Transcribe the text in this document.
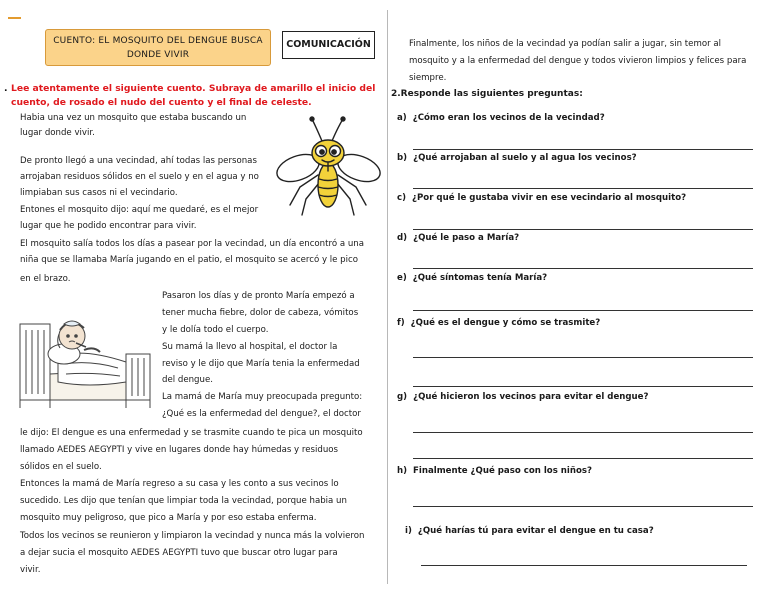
CUENTO: EL MOSQUITO DEL DENGUE BUSCA
DONDE VIVIR
COMUNICACIÓN
. Lee atentamente el siguiente cuento. Subraya de amarillo el inicio del
cuento, de rosado el nudo del cuento y el final de celeste.
Habia una vez un mosquito que estaba buscando un
lugar donde vivir.
De pronto llegó a una vecindad, ahí todas las personas
arrojaban residuos sólidos en el suelo y en el agua y no
limpiaban sus casos ni el vecindario.
Entones el mosquito dijo: aquí me quedaré, es el mejor
lugar que he podido encontrar para vivir.
El mosquito salía todos los días a pasear por la vecindad, un día encontró a una
niña que se llamaba María jugando en el patio, el mosquito se acercó y le pico
en el brazo.
Pasaron los días y de pronto María empezó a
tener mucha fiebre, dolor de cabeza, vómitos
y le dolía todo el cuerpo.
Su mamá la llevo al hospital, el doctor la
reviso y le dijo que María tenia la enfermedad
del dengue.
La mamá de María muy preocupada pregunto:
¿Qué es la enfermedad del dengue?, el doctor
le dijo: El dengue es una enfermedad y se trasmite cuando te pica un mosquito
llamado AEDES AEGYPTI y vive en lugares donde hay húmedas y residuos
sólidos en el suelo.
Entonces la mamá de María regreso a su casa y les conto a sus vecinos lo
sucedido. Les dijo que tenían que limpiar toda la vecindad, porque habia un
mosquito muy peligroso, que pico a María y por eso estaba enferma.
Todos los vecinos se reunieron y limpiaron la vecindad y nunca más la volvieron
a dejar sucia el mosquito AEDES AEGYPTI tuvo que buscar otro lugar para
vivir.
Finalmente, los niños de la vecindad ya podían salir a jugar, sin temor al
mosquito y a la enfermedad del dengue y todos vivieron limpios y felices para
siempre.
2.Responde las siguientes preguntas:
a) ¿Cómo eran los vecinos de la vecindad?
b) ¿Qué arrojaban al suelo y al agua los vecinos?
c) ¿Por qué le gustaba vivir en ese vecindario al mosquito?
d) ¿Qué le paso a María?
e) ¿Qué síntomas tenía María?
f) ¿Qué es el dengue y cómo se trasmite?
g) ¿Qué hicieron los vecinos para evitar el dengue?
h) Finalmente ¿Qué paso con los niños?
i) ¿Qué harías tú para evitar el dengue en tu casa?
